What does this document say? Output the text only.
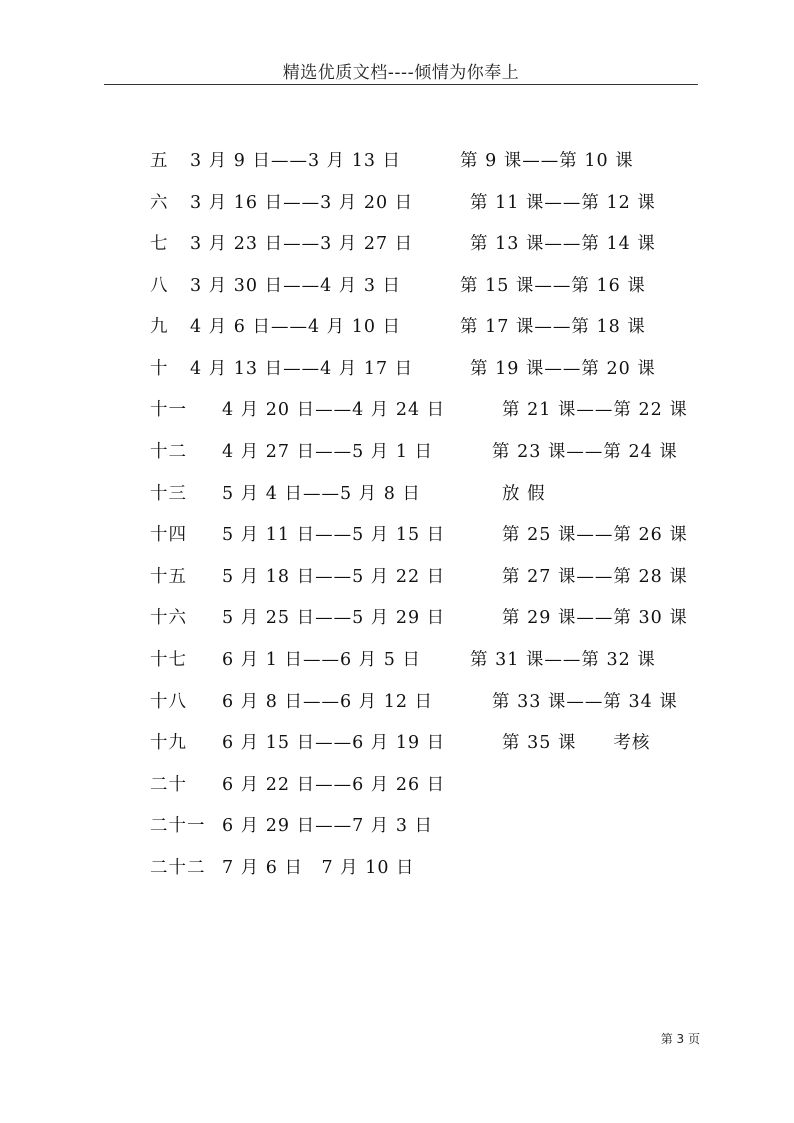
精选优质文档----倾情为你奉上
五 3 月 9 日——3 月 13 日	第 9 课——第 10 课
六 3 月 16 日——3 月 20 日	第 11 课——第 12 课
七 3 月 23 日——3 月 27 日	第 13 课——第 14 课
八 3 月 30 日——4 月 3 日	第 15 课——第 16 课
九 4 月 6 日——4 月 10 日	第 17 课——第 18 课
十 4 月 13 日——4 月 17 日	第 19 课——第 20 课
十一 4 月 20 日——4 月 24 日	第 21 课——第 22 课
十二 4 月 27 日——5 月 1 日	第 23 课——第 24 课
十三 5 月 4 日——5 月 8 日	放 假
十四 5 月 11 日——5 月 15 日	第 25 课——第 26 课
十五 5 月 18 日——5 月 22 日	第 27 课——第 28 课
十六 5 月 25 日——5 月 29 日	第 29 课——第 30 课
十七 6 月 1 日——6 月 5 日	第 31 课——第 32 课
十八 6 月 8 日——6 月 12 日	第 33 课——第 34 课
十九 6 月 15 日——6 月 19 日	第 35 课　　考核
二十 6 月 22 日——6 月 26 日
二十一 6 月 29 日——7 月 3 日
二十二 7 月 6 日　7 月 10 日
第 3 页
